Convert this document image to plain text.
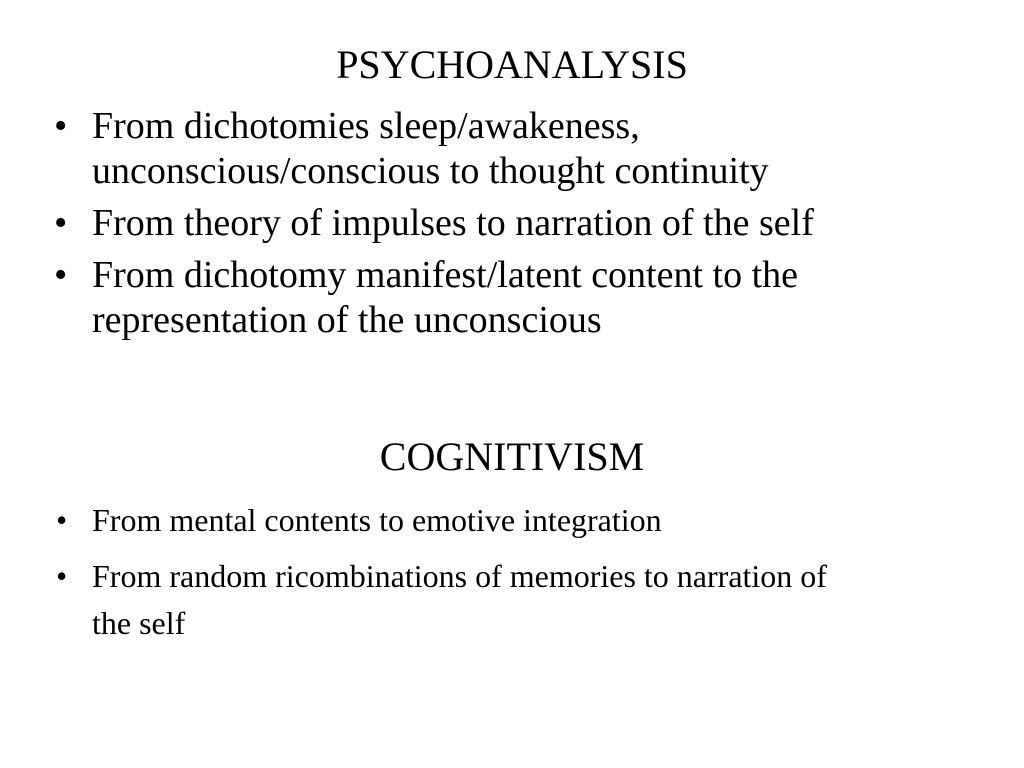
PSYCHOANALYSIS
• From dichotomies sleep/awakeness, unconscious/conscious to thought continuity
• From theory of impulses to narration of the self
• From dichotomy manifest/latent content to the representation of the unconscious
COGNITIVISM
• From mental contents to emotive integration
• From random ricombinations of memories to narration of the self
